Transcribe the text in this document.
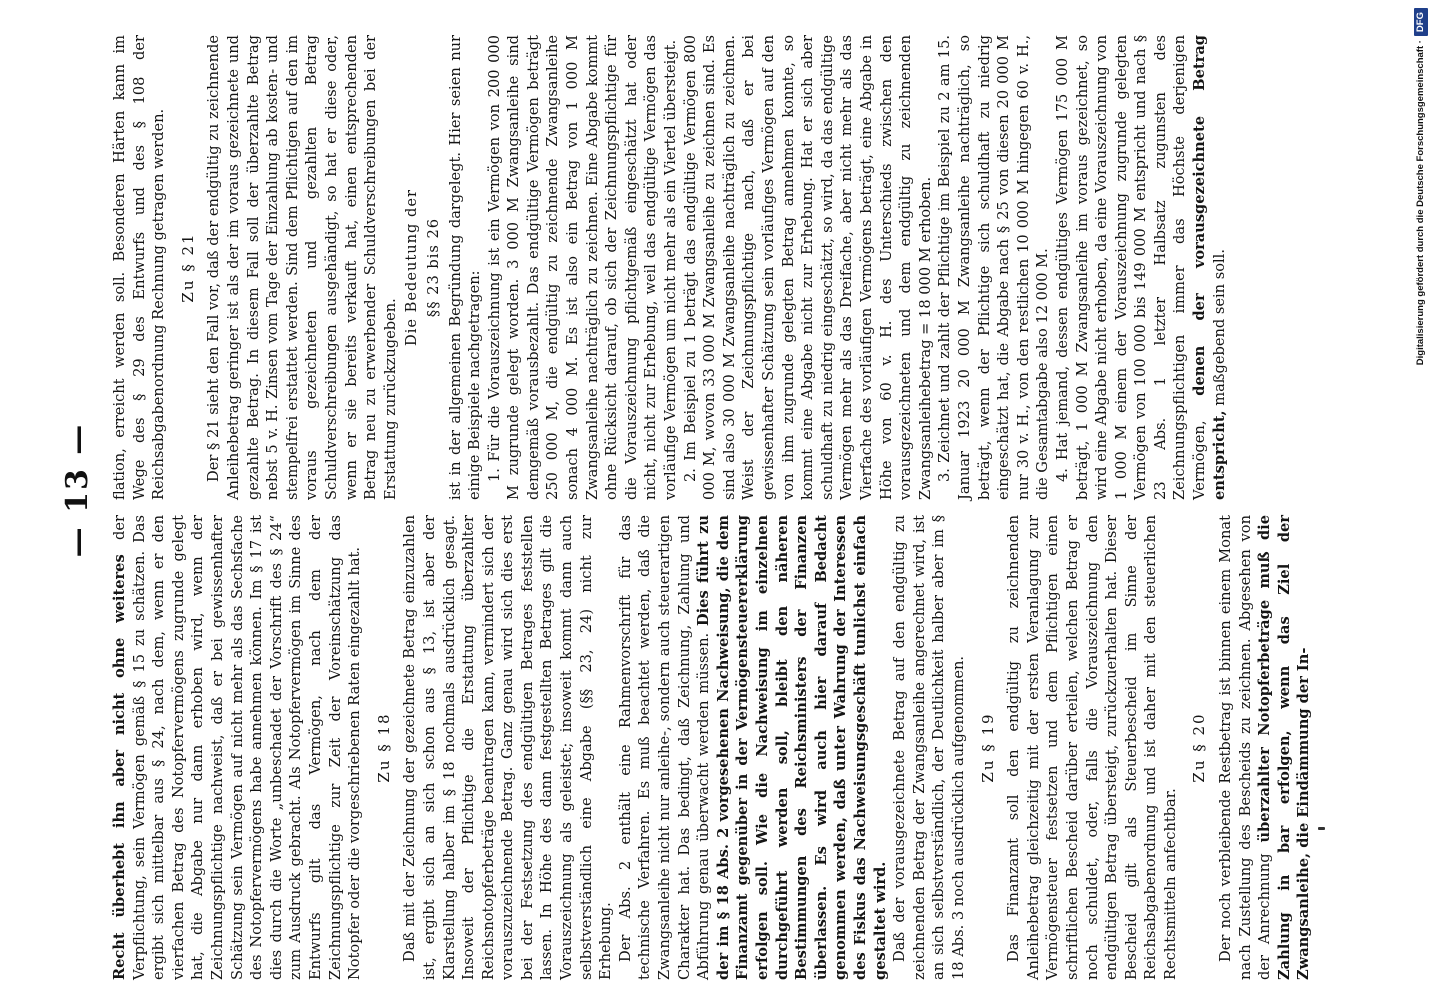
— 13 —

Recht überhebt ihn aber nicht ohne weiteres der Verpflichtung, sein Vermögen gemäß § 15 zu schätzen. Das ergibt sich mittelbar aus § 24, nach dem, wenn er den vierfachen Betrag des Notopfervermögens zugrunde gelegt hat, die Abgabe nur dann erhoben wird, wenn der Zeichnungspflichtige nachweist, daß er bei gewissenhafter Schätzung sein Vermögen auf nicht mehr als das Sechsfache des Notopfervermögens habe annehmen können. Im § 17 ist dies durch die Worte „unbeschadet der Vorschrift des § 24“ zum Ausdruck gebracht. Als Notopfervermögen im Sinne des Entwurfs gilt das Vermögen, nach dem der Zeichnungspflichtige zur Zeit der Voreinschätzung das Notopfer oder die vorgeschriebenen Raten eingezahlt hat. Zu § 18 Daß mit der Zeichnung der gezeichnete Betrag einzuzahlen ist, ergibt sich an sich schon aus § 13, ist aber der Klarstellung halber im § 18 nochmals ausdrücklich gesagt. Insoweit der Pflichtige die Erstattung überzahlter Reichsnotopferbeträge beantragen kann, vermindert sich der vorauszuzeichnende Betrag. Ganz genau wird sich dies erst bei der Festsetzung des endgültigen Betrages feststellen lassen. In Höhe des dann festgestellten Betrages gilt die Vorauszeichnung als geleistet; insoweit kommt dann auch selbstverständlich eine Abgabe (§§ 23, 24) nicht zur Erhebung. Der Abs. 2 enthält eine Rahmenvorschrift für das technische Verfahren. Es muß beachtet werden, daß die Zwangsanleihe nicht nur anleihe-, sondern auch steuerartigen Charakter hat. Das bedingt, daß Zeichnung, Zahlung und Abführung genau überwacht werden müssen. Dies führt zu der im § 18 Abs. 2 vorgesehenen Nachweisung, die dem Finanzamt gegenüber in der Vermögensteuererklärung erfolgen soll. Wie die Nachweisung im einzelnen durchgeführt werden soll, bleibt den näheren Bestimmungen des Reichsministers der Finanzen überlassen. Es wird auch hier darauf Bedacht genommen werden, daß unter Wahrung der Interessen des Fiskus das Nachweisungsgeschäft tunlichst einfach gestaltet wird. Daß der vorausgezeichnete Betrag auf den endgültig zu zeichnenden Betrag der Zwangsanleihe angerechnet wird, ist an sich selbstverständlich, der Deutlichkeit halber aber im § 18 Abs. 3 noch ausdrücklich aufgenommen. Zu § 19 Das Finanzamt soll den endgültig zu zeichnenden Anleihebetrag gleichzeitig mit der ersten Veranlagung zur Vermögensteuer festsetzen und dem Pflichtigen einen schriftlichen Bescheid darüber erteilen, welchen Betrag er noch schuldet, oder, falls die Vorauszeichnung den endgültigen Betrag übersteigt, zurückzuerhalten hat. Dieser Bescheid gilt als Steuerbescheid im Sinne der Reichsabgabenordnung und ist daher mit den steuerlichen Rechtsmitteln anfechtbar.

Zu § 20 Der noch verbleibende Restbetrag ist binnen einem Monat nach Zustellung des Bescheids zu zeichnen. Abgesehen von der Anrechnung überzahlter Notopferbeträge muß die Zahlung in bar erfolgen, wenn das Ziel der Zwangsanleihe, die Eindämmung der In-

flation, erreicht werden soll. Besonderen Härten kann im Wege des § 29 des Entwurfs und des § 108 der Reichsabgabenordnung Rechnung getragen werden. Zu § 21 Der § 21 sieht den Fall vor, daß der endgültig zu zeichnende Anleihebetrag geringer ist als der im voraus gezeichnete und gezahlte Betrag. In diesem Fall soll der überzahlte Betrag nebst 5 v. H. Zinsen vom Tage der Einzahlung ab kosten- und stempelfrei erstattet werden. Sind dem Pflichtigen auf den im voraus gezeichneten und gezahlten Betrag Schuldverschreibungen ausgehändigt, so hat er diese oder, wenn er sie bereits verkauft hat, einen entsprechenden Betrag neu zu erwerbender Schuldverschreibungen bei der Erstattung zurückzugeben.

Die Bedeutung der §§ 23 bis 26 ist in der allgemeinen Begründung dargelegt. Hier seien nur einige Beispiele nachgetragen: 1. Für die Vorauszeichnung ist ein Vermögen von 200 000 M zugrunde gelegt worden. 3 000 M Zwangsanleihe sind demgemäß vorausbezahlt. Das endgültige Vermögen beträgt 250 000 M, die endgültig zu zeichnende Zwangsanleihe sonach 4 000 M. Es ist also ein Betrag von 1 000 M Zwangsanleihe nachträglich zu zeichnen. Eine Abgabe kommt ohne Rücksicht darauf, ob sich der Zeichnungspflichtige für die Vorauszeichnung pflichtgemäß eingeschätzt hat oder nicht, nicht zur Erhebung, weil das endgültige Vermögen das vorläufige Vermögen um nicht mehr als ein Viertel übersteigt. 2. Im Beispiel zu 1 beträgt das endgültige Vermögen 800 000 M, wovon 33 000 M Zwangsanleihe zu zeichnen sind. Es sind also 30 000 M Zwangsanleihe nachträglich zu zeichnen. Weist der Zeichnungspflichtige nach, daß er bei gewissenhafter Schätzung sein vorläufiges Vermögen auf den von ihm zugrunde gelegten Betrag annehmen konnte, so kommt eine Abgabe nicht zur Erhebung. Hat er sich aber schuldhaft zu niedrig eingeschätzt, so wird, da das endgültige Vermögen mehr als das Dreifache, aber nicht mehr als das Vierfache des vorläufigen Vermögens beträgt, eine Abgabe in Höhe von 60 v. H. des Unterschieds zwischen den vorausgezeichneten und dem endgültig zu zeichnenden Zwangsanleihebetrag = 18 000 M erhoben. 3. Zeichnet und zahlt der Pflichtige im Beispiel zu 2 am 15. Januar 1923 20 000 M Zwangsanleihe nachträglich, so beträgt, wenn der Pflichtige sich schuldhaft zu niedrig eingeschätzt hat, die Abgabe nach § 25 von diesen 20 000 M nur 30 v. H., von den restlichen 10 000 M hingegen 60 v. H., die Gesamtabgabe also 12 000 M. 4. Hat jemand, dessen endgültiges Vermögen 175 000 M beträgt, 1 000 M Zwangsanleihe im voraus gezeichnet, so wird eine Abgabe nicht erhoben, da eine Vorauszeichnung von 1 000 M einem der Vorauszeichnung zugrunde gelegten Vermögen von 100 000 bis 149 000 M entspricht und nach § 23 Abs. 1 letzter Halbsatz zugunsten des Zeichnungspflichtigen immer das Höchste derjenigen Vermögen, denen der vorausgezeichnete Betrag entspricht, maßgebend sein soll.	Digitalisierung gefördert durch die Deutsche Forschungsgemeinschaft ·DFG
